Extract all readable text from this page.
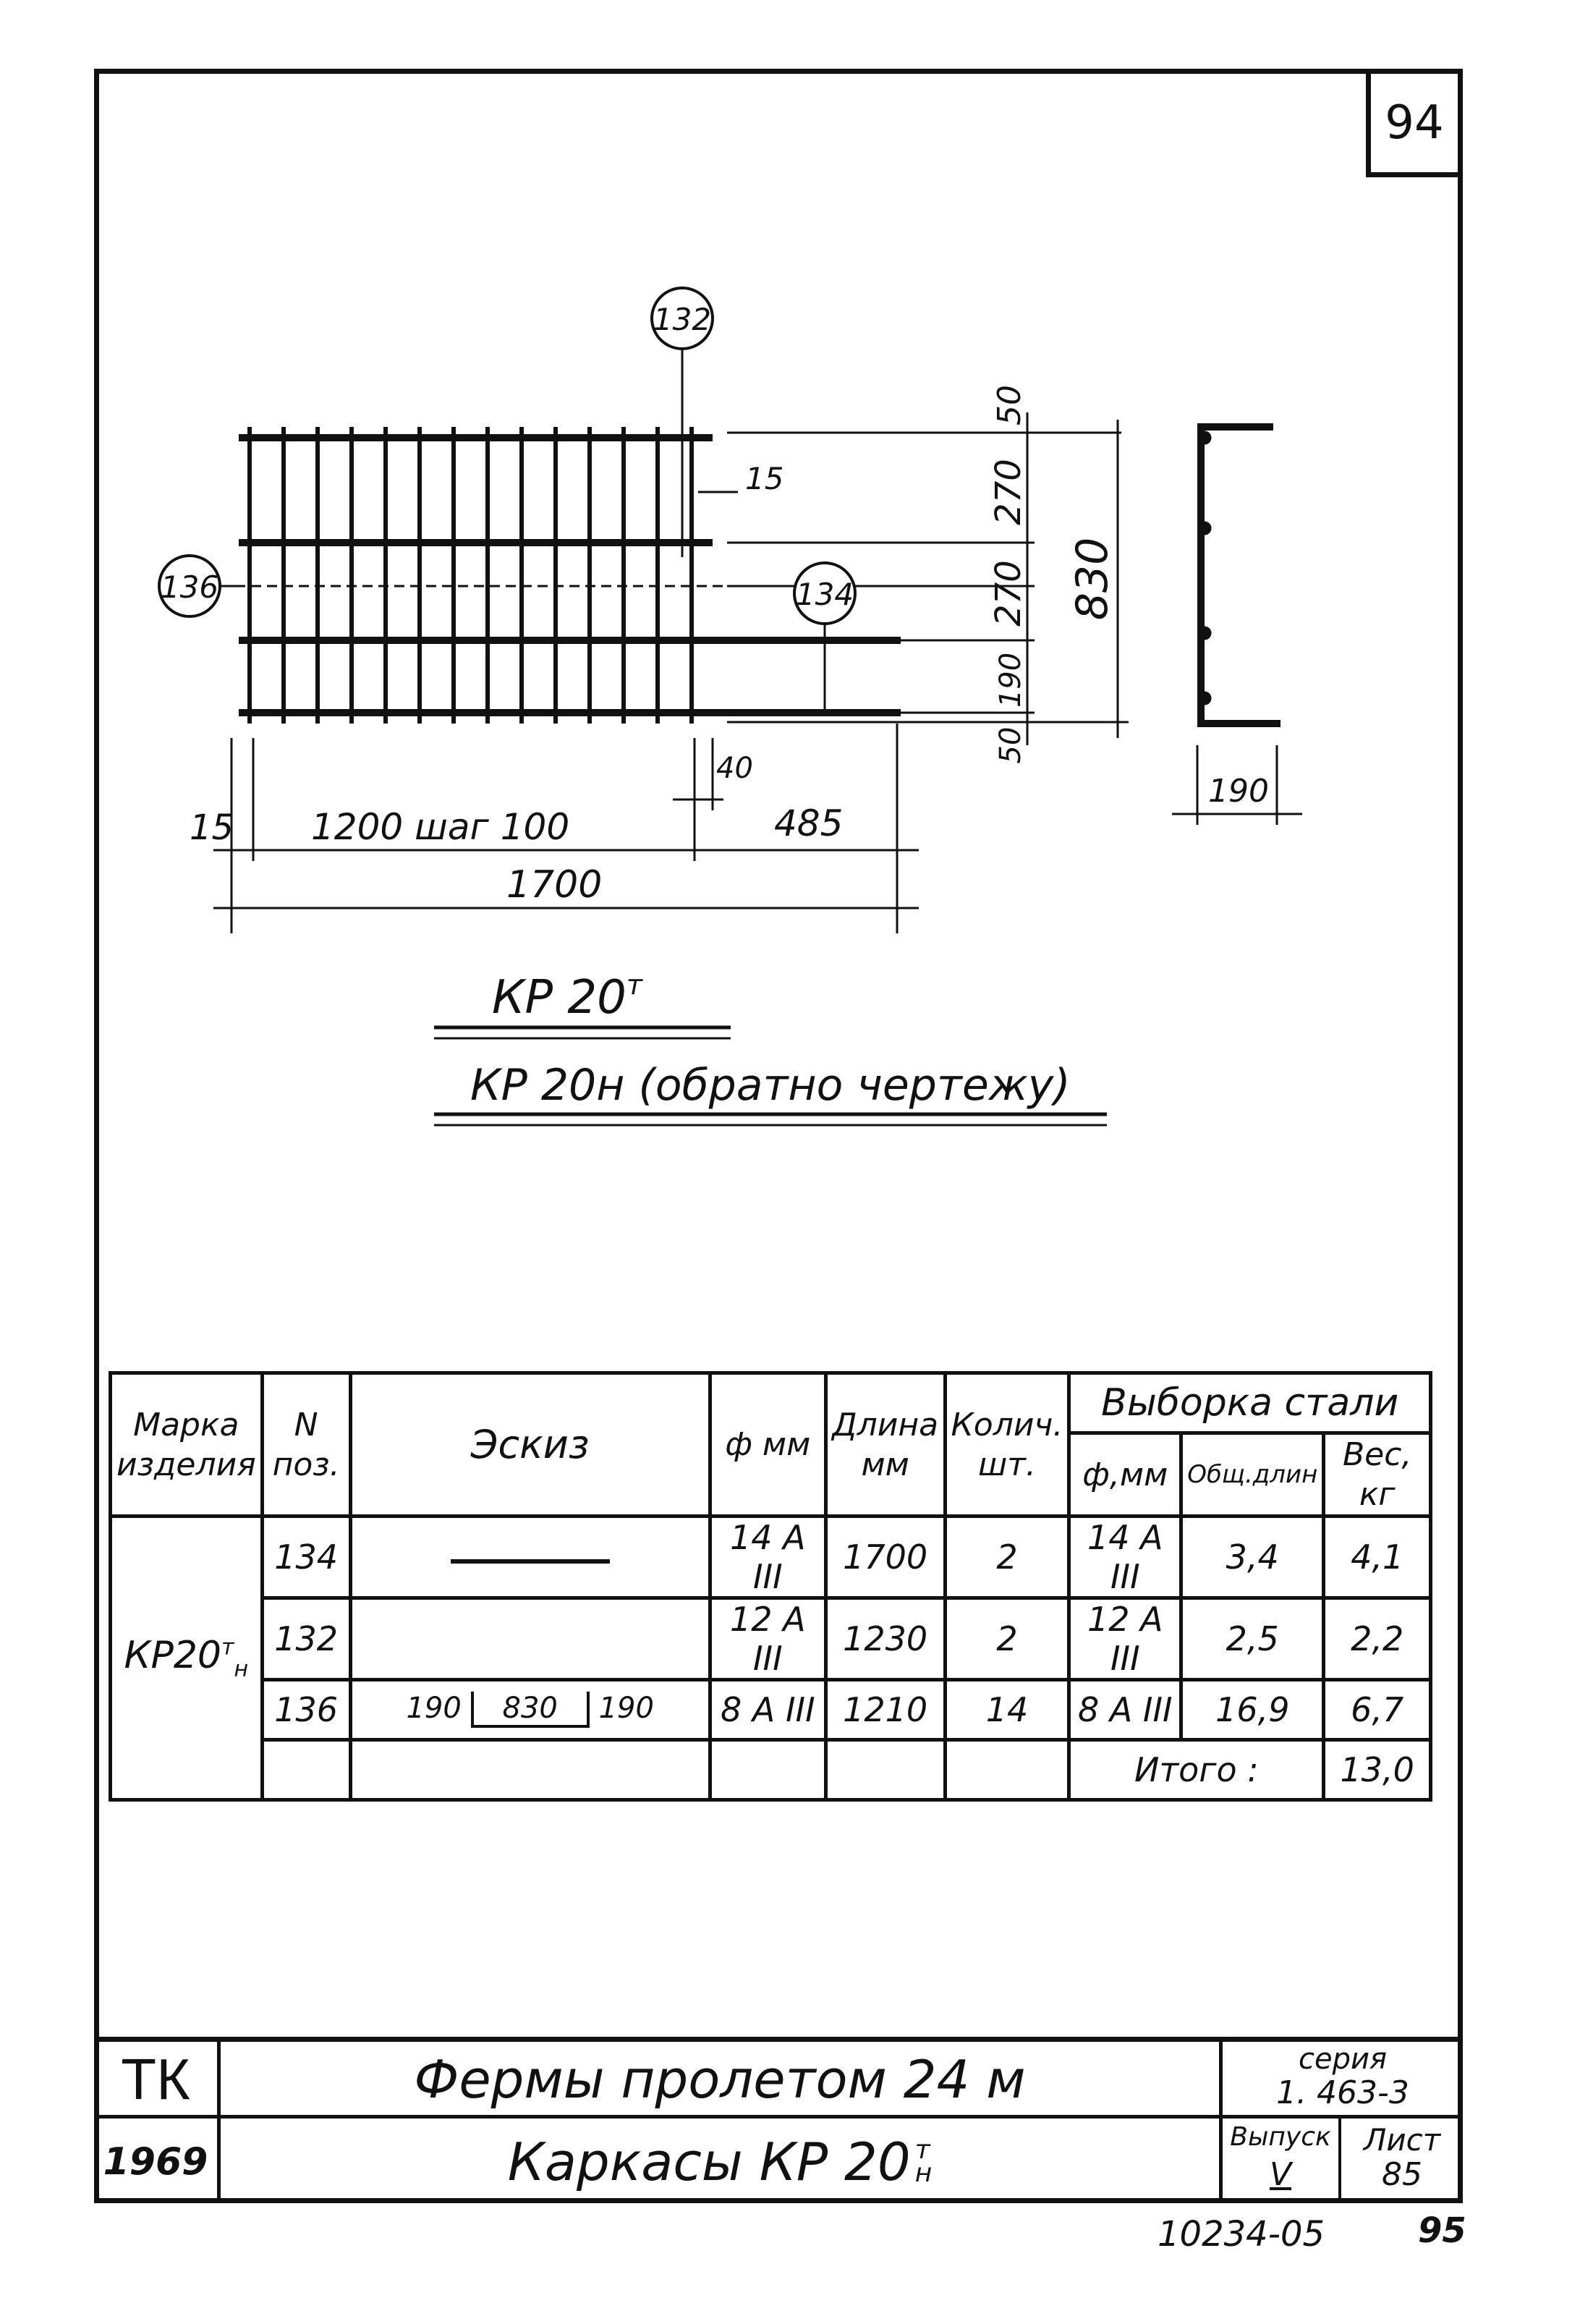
94
132
136	134
50
270
270
190
50
830
15
40
15 1200 шаг 100	485
1700
190
КР $20^т$
КР 20н (обратно чертежу)
Марка изделия	N поз.	Эскиз	ф мм	Длина мм	Колич. шт.	Выборка стали		
						ф,мм	Общ.длин	Вес, кг
$КР20^т_н$	134		14 А III	1700	2	14 А III	3,4	4,1
	132		12 А III	1230	2	12 А III	2,5	2,2
	136	190 830 190	8 А III	1210	14	8 А III	16,9	6,7
						Итого :		13,0
ТК
1969
Фермы пролетом 24 м
Каркасы КР 20 т
н
серия
1. 463-3
Выпуск
V
Лист
85
10234-05	95
